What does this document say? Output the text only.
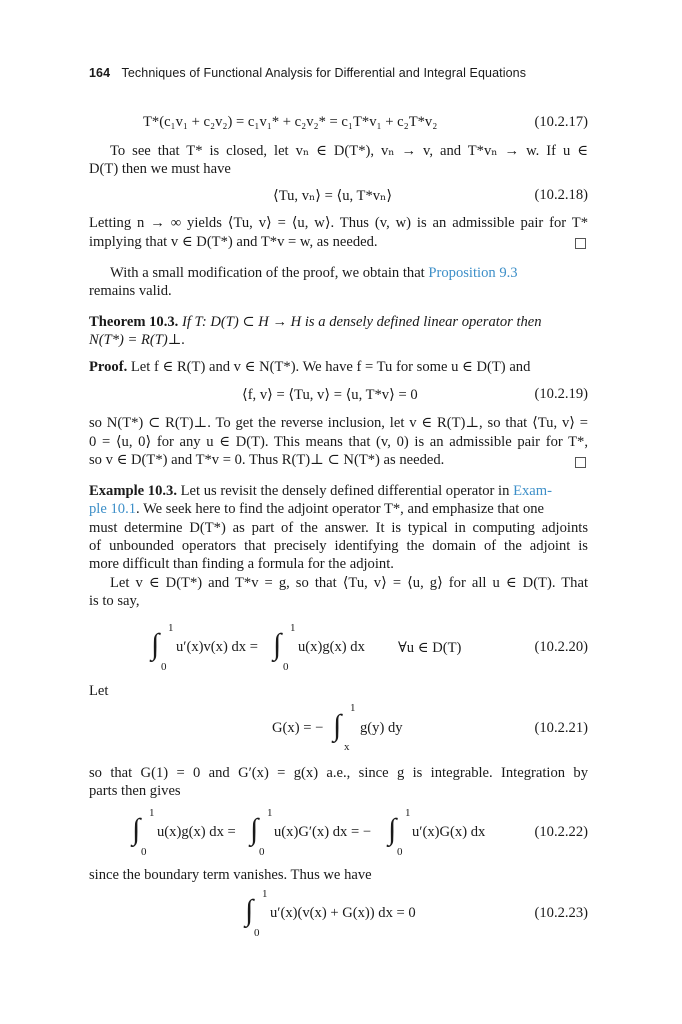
164 Techniques of Functional Analysis for Differential and Integral Equations
T*(c₁v₁ + c₂v₂) = c₁v₁* + c₂v₂* = c₁T*v₁ + c₂T*v₂	(10.2.17)
To see that T* is closed, let vₙ ∈ D(T*), vₙ → v, and T*vₙ → w. If u ∈
D(T) then we must have
⟨Tu, vₙ⟩ = ⟨u, T*vₙ⟩	(10.2.18)
Letting n → ∞ yields ⟨Tu, v⟩ = ⟨u, w⟩. Thus (v, w) is an admissible pair for T*
implying that v ∈ D(T*) and T*v = w, as needed.
With a small modification of the proof, we obtain that Proposition 9.3
remains valid.
Theorem 10.3. If T: D(T) ⊂ H → H is a densely defined linear operator then
N(T*) = R(T)⊥.
Proof. Let f ∈ R(T) and v ∈ N(T*). We have f = Tu for some u ∈ D(T) and
⟨f, v⟩ = ⟨Tu, v⟩ = ⟨u, T*v⟩ = 0	(10.2.19)
so N(T*) ⊂ R(T)⊥. To get the reverse inclusion, let v ∈ R(T)⊥, so that ⟨Tu, v⟩ =
0 = ⟨u, 0⟩ for any u ∈ D(T). This means that (v, 0) is an admissible pair for T*,
so v ∈ D(T*) and T*v = 0. Thus R(T)⊥ ⊂ N(T*) as needed.
Example 10.3. Let us revisit the densely defined differential operator in Exam-
ple 10.1. We seek here to find the adjoint operator T*, and emphasize that one
must determine D(T*) as part of the answer. It is typical in computing adjoints
of unbounded operators that precisely identifying the domain of the adjoint is
more difficult than finding a formula for the adjoint.
Let v ∈ D(T*) and T*v = g, so that ⟨Tu, v⟩ = ⟨u, g⟩ for all u ∈ D(T). That
is to say,
∫ 1
0
u′(x)v(x) dx = ∫ 1
0
u(x)g(x) dx ∀u ∈ D(T)	(10.2.20)
Let
G(x) = − ∫
1
x
g(y) dy	(10.2.21)
so that G(1) = 0 and G′(x) = g(x) a.e., since g is integrable. Integration by
parts then gives
∫ 1
0
u(x)g(x) dx = ∫ 1
0
u(x)G′(x) dx = − ∫ 1
0
u′(x)G(x) dx	(10.2.22)
since the boundary term vanishes. Thus we have
∫ 1
0
u′(x)(v(x) + G(x)) dx = 0	(10.2.23)
